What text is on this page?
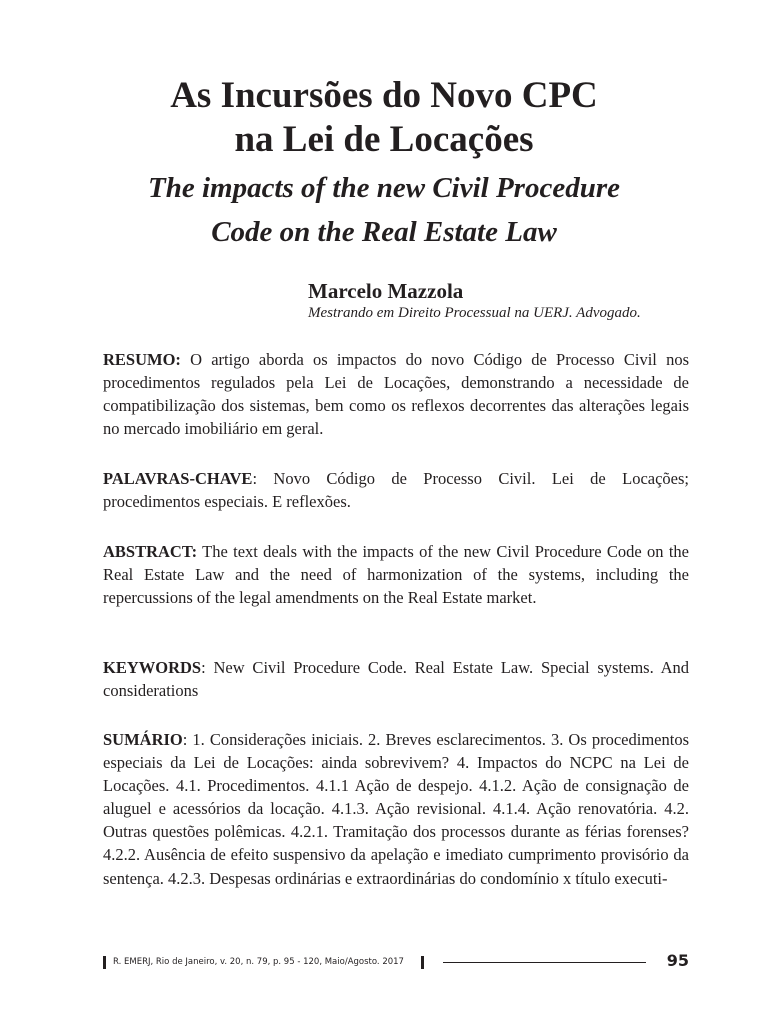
As Incursões do Novo CPC
na Lei de Locações
The impacts of the new Civil Procedure
Code on the Real Estate Law

Marcelo Mazzola

Mestrando em Direito Processual na UERJ. Advogado.

RESUMO: O artigo aborda os impactos do novo Código de Processo Civil nos procedimentos regulados pela Lei de Locações, demonstrando a necessidade de compatibilização dos sistemas, bem como os reflexos decorrentes das alterações legais no mercado imobiliário em geral.

PALAVRAS-CHAVE: Novo Código de Processo Civil. Lei de Locações; procedimentos especiais. E reflexões.

ABSTRACT: The text deals with the impacts of the new Civil Procedure Code on the Real Estate Law and the need of harmonization of the systems, including the repercussions of the legal amendments on the Real Estate market.

KEYWORDS: New Civil Procedure Code. Real Estate Law. Special systems. And considerations

SUMÁRIO: 1. Considerações iniciais. 2. Breves esclarecimentos. 3. Os procedimentos especiais da Lei de Locações: ainda sobrevivem? 4. Impactos do NCPC na Lei de Locações. 4.1. Procedimentos. 4.1.1 Ação de despejo. 4.1.2. Ação de consignação de aluguel e acessórios da locação. 4.1.3. Ação revisional. 4.1.4. Ação renovatória. 4.2. Outras questões polêmicas. 4.2.1. Tramitação dos processos durante as férias forenses? 4.2.2. Ausência de efeito suspensivo da apelação e imediato cumprimento provisório da sentença. 4.2.3. Despesas ordinárias e extraordinárias do condomínio x título executi-

R. EMERJ, Rio de Janeiro, v. 20, n. 79, p. 95 - 120, Maio/Agosto. 2017	95
